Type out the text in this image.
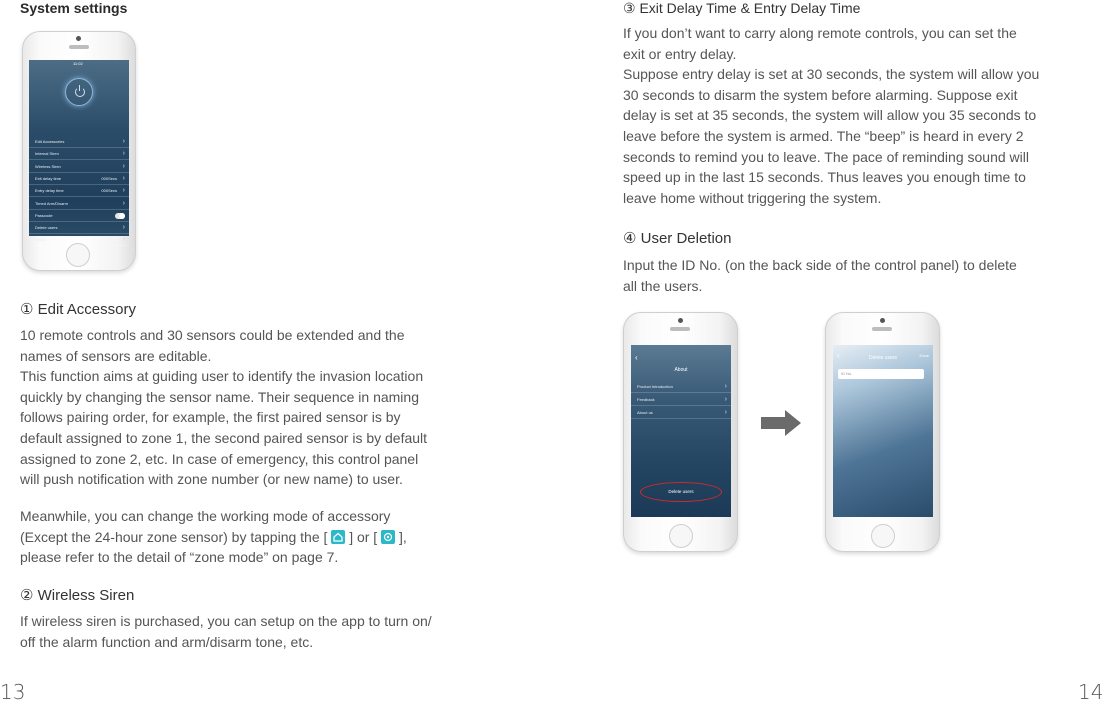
System settings
11:02
Edit Accessories	›
Internal Siren	›
Wireless Siren	›
Exit delay time	000Secs ›
Entry delay time	000Secs ›
Timed Arm/Disarm	›
Passcode
Delete users	›
About	›
① Edit Accessory
10 remote controls and 30 sensors could be extended and the
names of sensors are editable.
This function aims at guiding user to identify the invasion location
quickly by changing the sensor name. Their sequence in naming
follows pairing order, for example, the first paired sensor is by
default assigned to zone 1, the second paired sensor is by default
assigned to zone 2, etc. In case of emergency, this control panel
will push notification with zone number (or new name) to user.
Meanwhile, you can change the working mode of accessory
(Except the 24-hour zone sensor) by tapping the [ ] or [ ],
please refer to the detail of “zone mode” on page 7.
② Wireless Siren
If wireless siren is purchased, you can setup on the app to turn on/
off the alarm function and arm/disarm tone, etc.
13
③ Exit Delay Time & Entry Delay Time
If you don’t want to carry along remote controls, you can set the
exit or entry delay.
Suppose entry delay is set at 30 seconds, the system will allow you
30 seconds to disarm the system before alarming. Suppose exit
delay is set at 35 seconds, the system will allow you 35 seconds to
leave before the system is armed. The “beep” is heard in every 2
seconds to remind you to leave. The pace of reminding sound will
speed up in the last 15 seconds. Thus leaves you enough time to
leave home without triggering the system.
④ User Deletion
Input the ID No. (on the back side of the control panel) to delete
all the users.
‹
About
Product Introduction	›
Feedback	›
About us	›
Delete users
‹	Delete users	Done
ID No.
14
